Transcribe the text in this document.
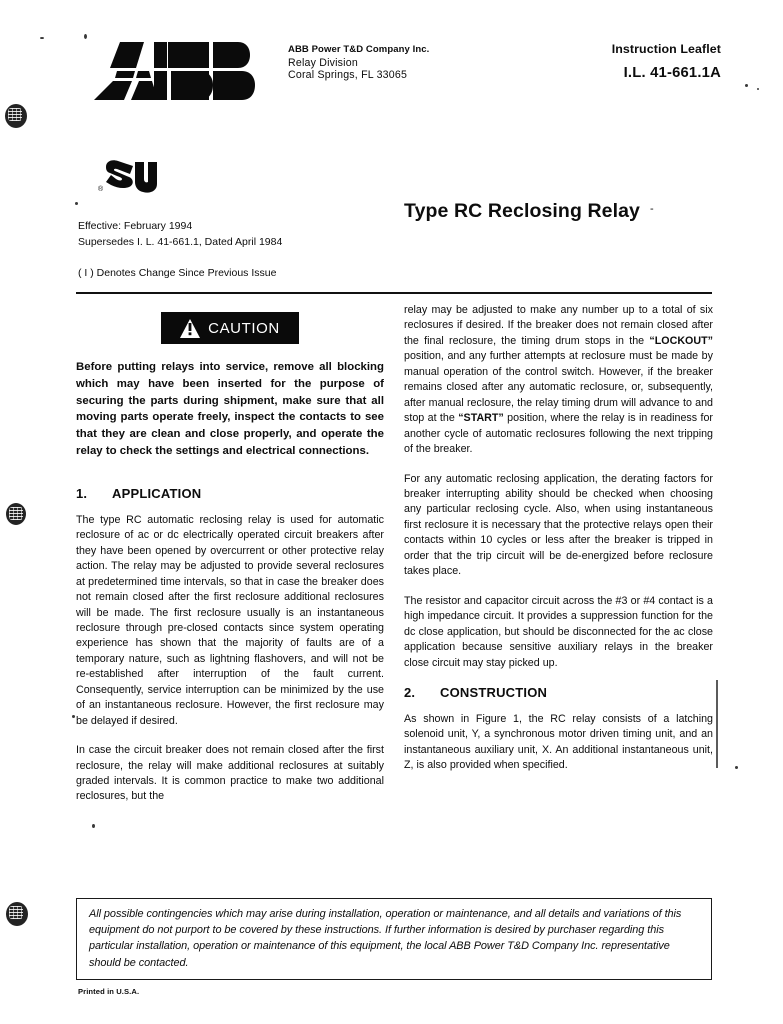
ABB Power T&D Company Inc.
Relay Division
Coral Springs, FL 33065
Instruction Leaflet
I.L. 41-661.1A
®
Effective: February 1994
Supersedes I. L. 41-661.1, Dated April 1984
( I ) Denotes Change Since Previous Issue
Type RC Reclosing Relay -
CAUTION
Before putting relays into service, remove all blocking which may have been inserted for the purpose of securing the parts during shipment, make sure that all moving parts operate freely, inspect the contacts to see that they are clean and close properly, and operate the relay to check the settings and electrical connections.
1.	APPLICATION

The type RC automatic reclosing relay is used for automatic reclosure of ac or dc electrically operated circuit breakers after they have been opened by overcurrent or other protective relay action. The relay may be adjusted to provide several reclosures at predetermined time intervals, so that in case the breaker does not remain closed after the first reclosure additional reclosures will be made. The first reclosure usually is an instantaneous reclosure through pre-closed contacts since system operating experience has shown that the majority of faults are of a temporary nature, such as lightning flashovers, and will not be re-established after interruption of the fault current. Consequently, service interruption can be minimized by the use of an instantaneous reclosure. However, the first reclosure may be delayed if desired.

In case the circuit breaker does not remain closed after the first reclosure, the relay will make additional reclosures at suitably graded intervals. It is common practice to make two additional reclosures, but the

relay may be adjusted to make any number up to a total of six reclosures if desired. If the breaker does not remain closed after the final reclosure, the timing drum stops in the “LOCKOUT” position, and any further attempts at reclosure must be made by manual operation of the control switch. However, if the breaker remains closed after any automatic reclosure, or, subsequently, after manual reclosure, the relay timing drum will advance to and stop at the “START” position, where the relay is in readiness for another cycle of automatic reclosures following the next tripping of the breaker.

For any automatic reclosing application, the derating factors for breaker interrupting ability should be checked when choosing any particular reclosing cycle. Also, when using instantaneous first reclosure it is necessary that the protective relays open their contacts within 10 cycles or less after the breaker is tripped in order that the trip circuit will be de-energized before reclosure takes place.

The resistor and capacitor circuit across the #3 or #4 contact is a high impedance circuit. It provides a suppression function for the dc close application, but should be disconnected for the ac close application because sensitive auxiliary relays in the breaker close circuit may stay picked up.

2.	CONSTRUCTION

As shown in Figure 1, the RC relay consists of a latching solenoid unit, Y, a synchronous motor driven timing unit, and an instantaneous auxiliary unit, X. An additional instantaneous unit, Z, is also provided when specified.

All possible contingencies which may arise during installation, operation or maintenance, and all details and variations of this equipment do not purport to be covered by these instructions. If further information is desired by purchaser regarding this particular installation, operation or maintenance of this equipment, the local ABB Power T&D Company Inc. representative should be contacted.

Printed in U.S.A.
